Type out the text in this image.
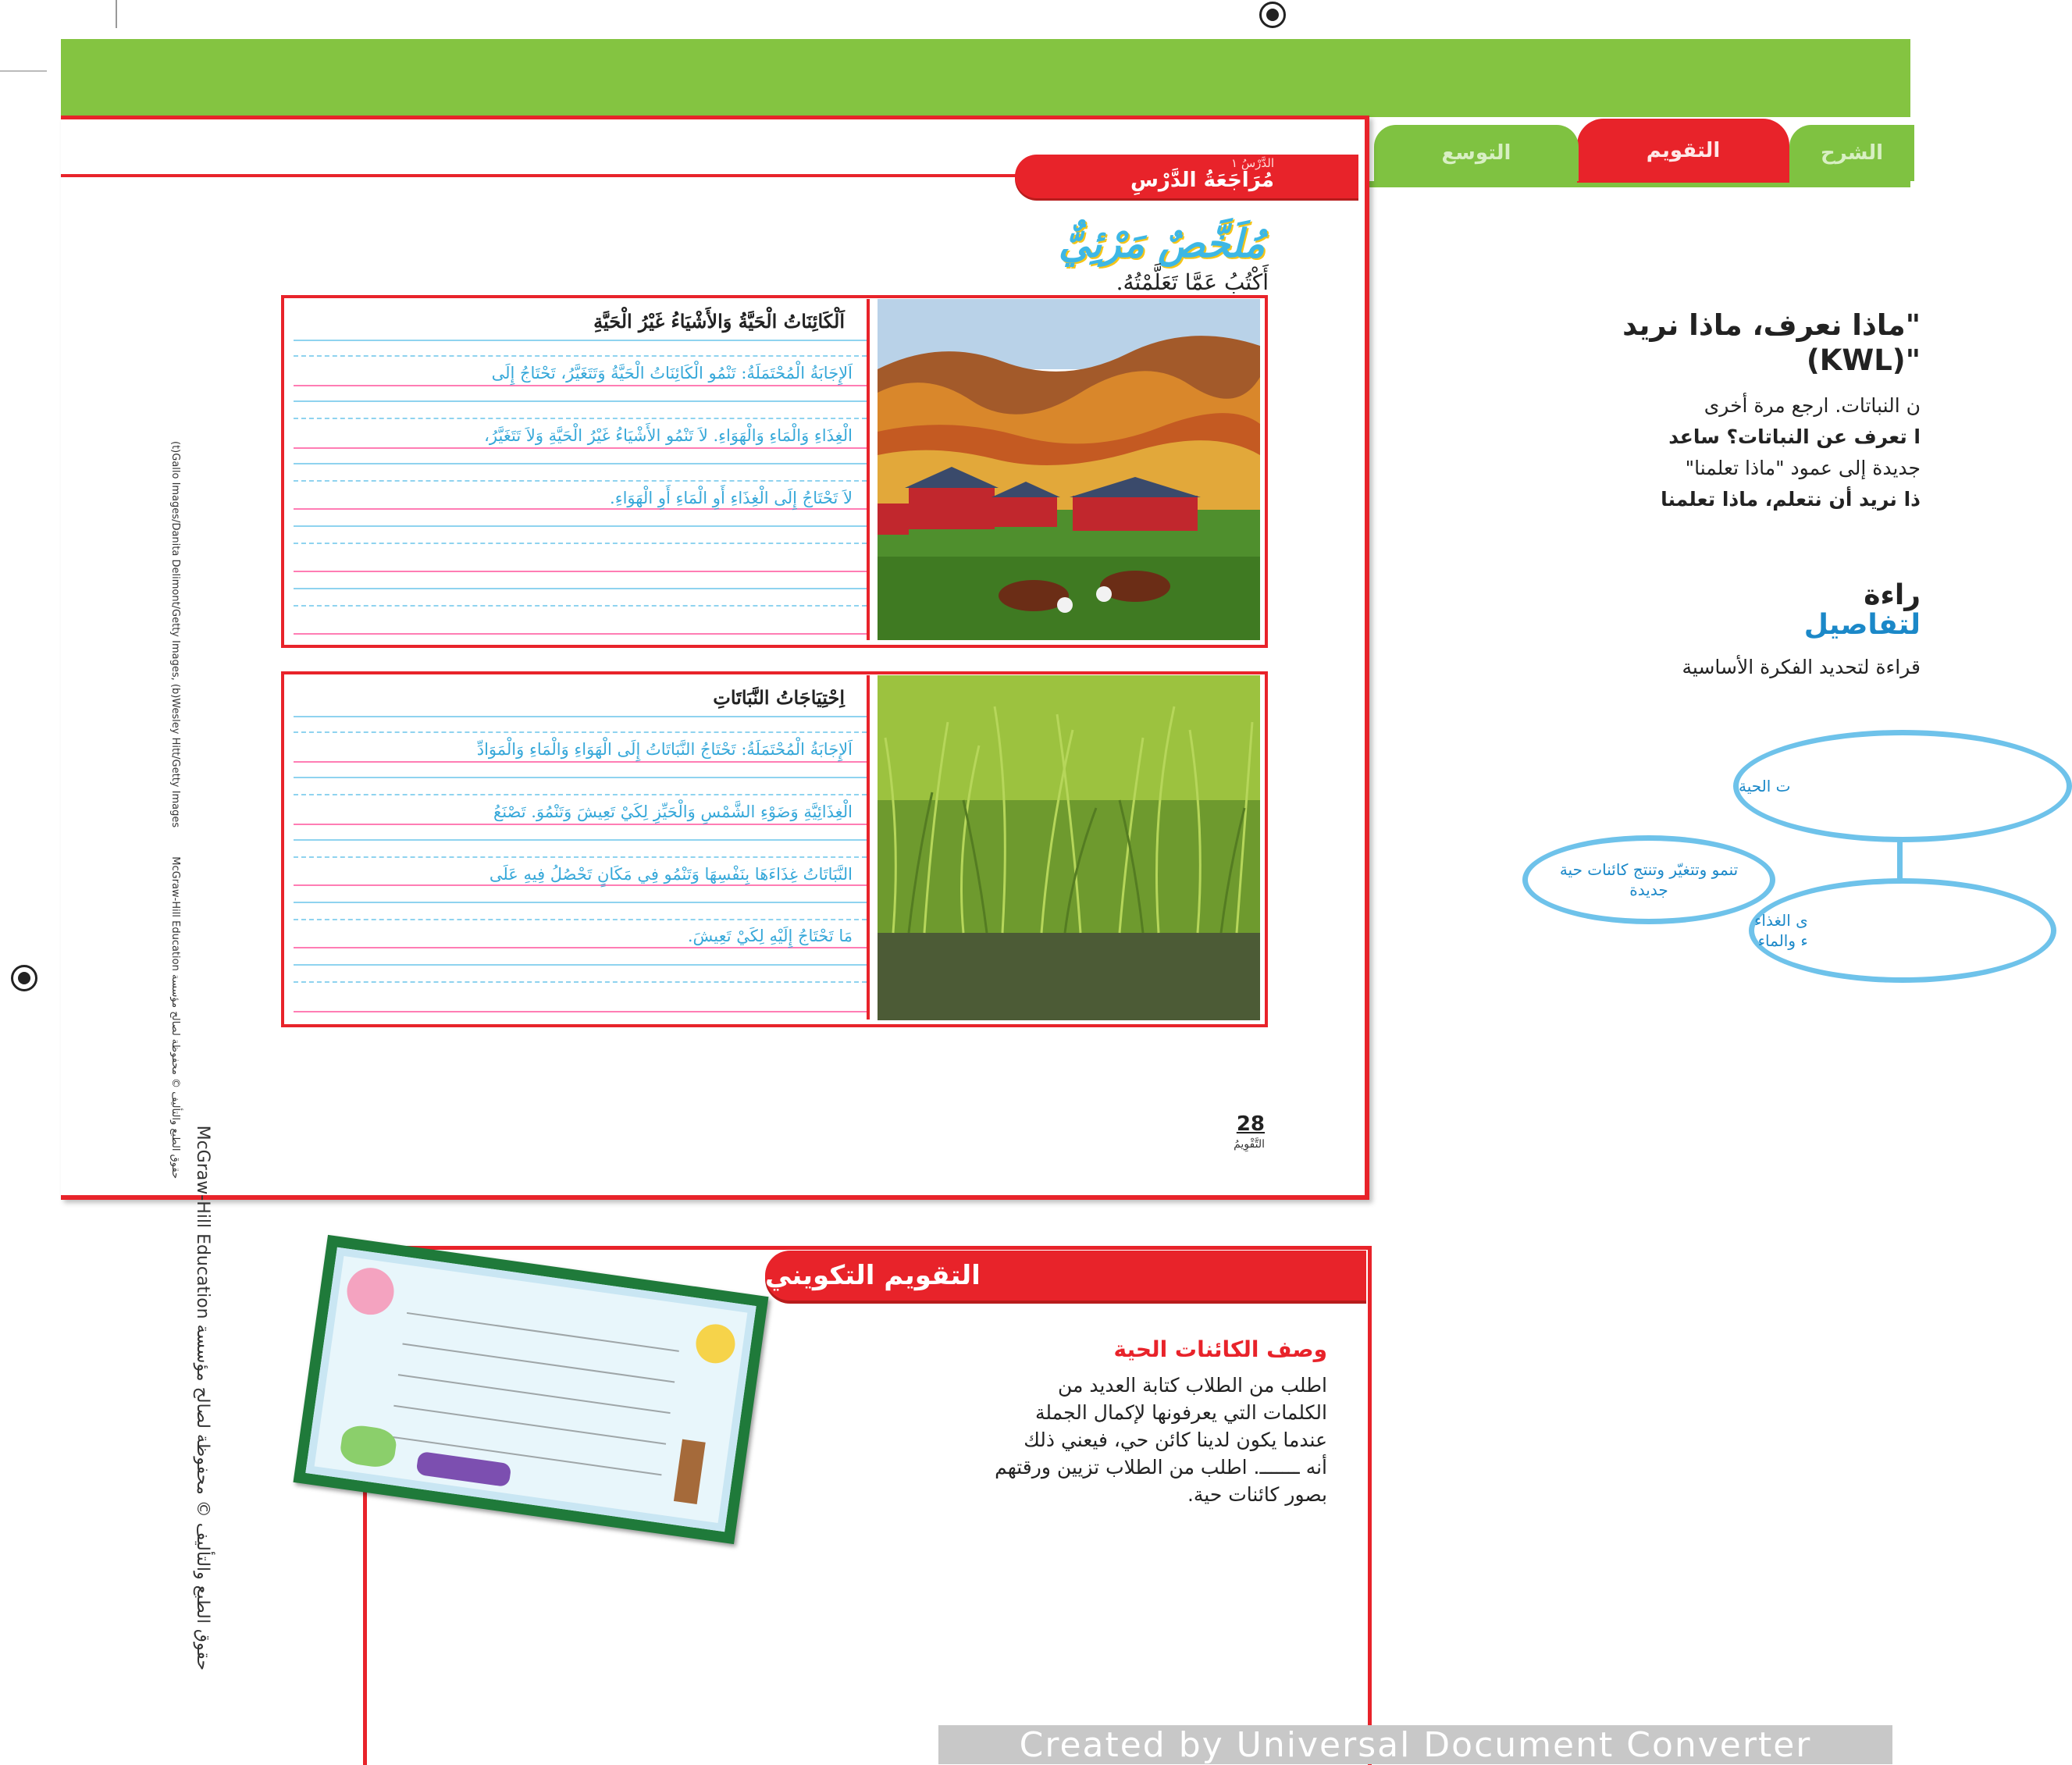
الشرح
التقويم
التوسع
الدَّرْسُ ١
مُرَاجَعَةُ الدَّرْسِ
مُلَخَّصٌ مَرْئِيٌّ
أَكْتُبُ عَمَّا تَعَلَّمْتُهُ.
اَلْكَائِنَاتُ الْحَيَّةُ وَالأَشْيَاءُ غَيْرُ الْحَيَّةِ
اَلإِجَابَةُ الْمُحْتَمَلَةُ: تَنْمُو الْكَائِنَاتُ الْحَيَّةُ وَتَتَغَيَّرُ، تَحْتَاجُ إِلَى
الْغِذَاءِ وَالْمَاءِ وَالْهَوَاءِ. لاَ تَنْمُو الأَشْيَاءُ غَيْرُ الْحَيَّةِ وَلاَ تَتَغَيَّرُ،
لاَ تَحْتَاجُ إِلَى الْغِذَاءِ أَوِ الْمَاءِ أَوِ الْهَوَاءِ.
اِحْتِيَاجَاتُ النَّبَاتَاتِ
اَلإِجَابَةُ الْمُحْتَمَلَةُ: تَحْتَاجُ النَّبَاتَاتُ إِلَى الْهَوَاءِ وَالْمَاءِ وَالْمَوَادِّ
الْغِذَائِيَّةِ وَضَوْءِ الشَّمْسِ وَالْحَيِّزِ لِكَيْ تَعِيشَ وَتَنْمُوَ. تَصْنَعُ
النَّبَاتَاتُ غِذَاءَهَا بِنَفْسِهَا وَتَنْمُو فِي مَكَانٍ تَحْصُلُ فِيهِ عَلَى
مَا تَحْتَاجُ إِلَيْهِ لِكَيْ تَعِيشَ.
(t)Gallo Images/Danita Delimont/Getty Images, (b)Wesley Hitt/Getty Images
حقوق الطبع والتأليف © محفوظة لصالح مؤسسة McGraw-Hill Education	28
التَّقْوِيمُ
"ماذا نعرف، ماذا نريد
(KWL)"
ن النباتات. ارجع مرة أخرى
ا تعرف عن النباتات؟ ساعد
جديدة إلى عمود "ماذا تعلمنا"
ذا نريد أن نتعلم، ماذا تعلمنا
راءة
لتفاصيل
قراءة لتحديد الفكرة الأساسية
ت الحية
تنمو وتتغيّر وتنتج كائنات حية جديدة
ى الغذاء
ء والماء
حقوق الطبع والتأليف © محفوظة لصالح مؤسسة McGraw-Hill Education
التقويم التكويني
وصف الكائنات الحية
اطلب من الطلاب كتابة العديد من
الكلمات التي يعرفونها لإكمال الجملة
عندما يكون لدينا كائن حي، فيعني ذلك
أنه ـــــــ. اطلب من الطلاب تزيين ورقتهم
بصور كائنات حية.
Created by Universal Document Converter
